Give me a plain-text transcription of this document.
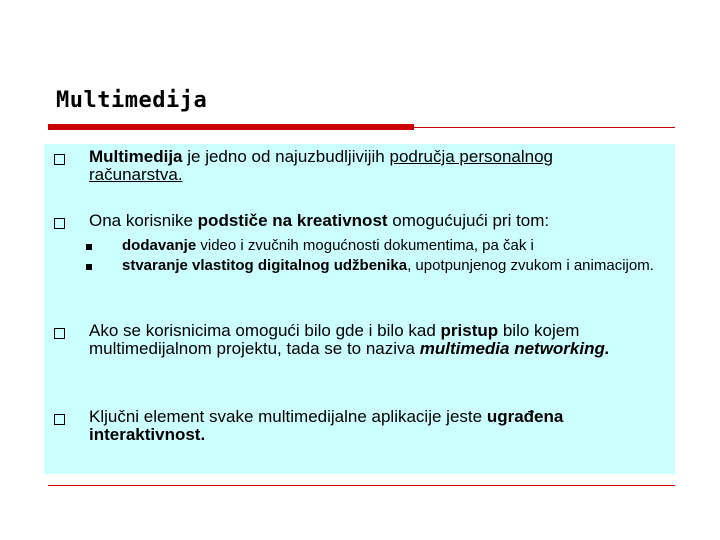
Multimedija
Multimedija je jedno od najuzbudljivijih područja personalnog računarstva.
Ona korisnike podstiče na kreativnost omogućujući pri tom:
dodavanje video i zvučnih mogućnosti dokumentima, pa čak i
stvaranje vlastitog digitalnog udžbenika, upotpunjenog zvukom i animacijom.
Ako se korisnicima omogući bilo gde i bilo kad pristup bilo kojem multimedijalnom projektu, tada se to naziva multimedia networking.
Ključni element svake multimedijalne aplikacije jeste ugrađena interaktivnost.
